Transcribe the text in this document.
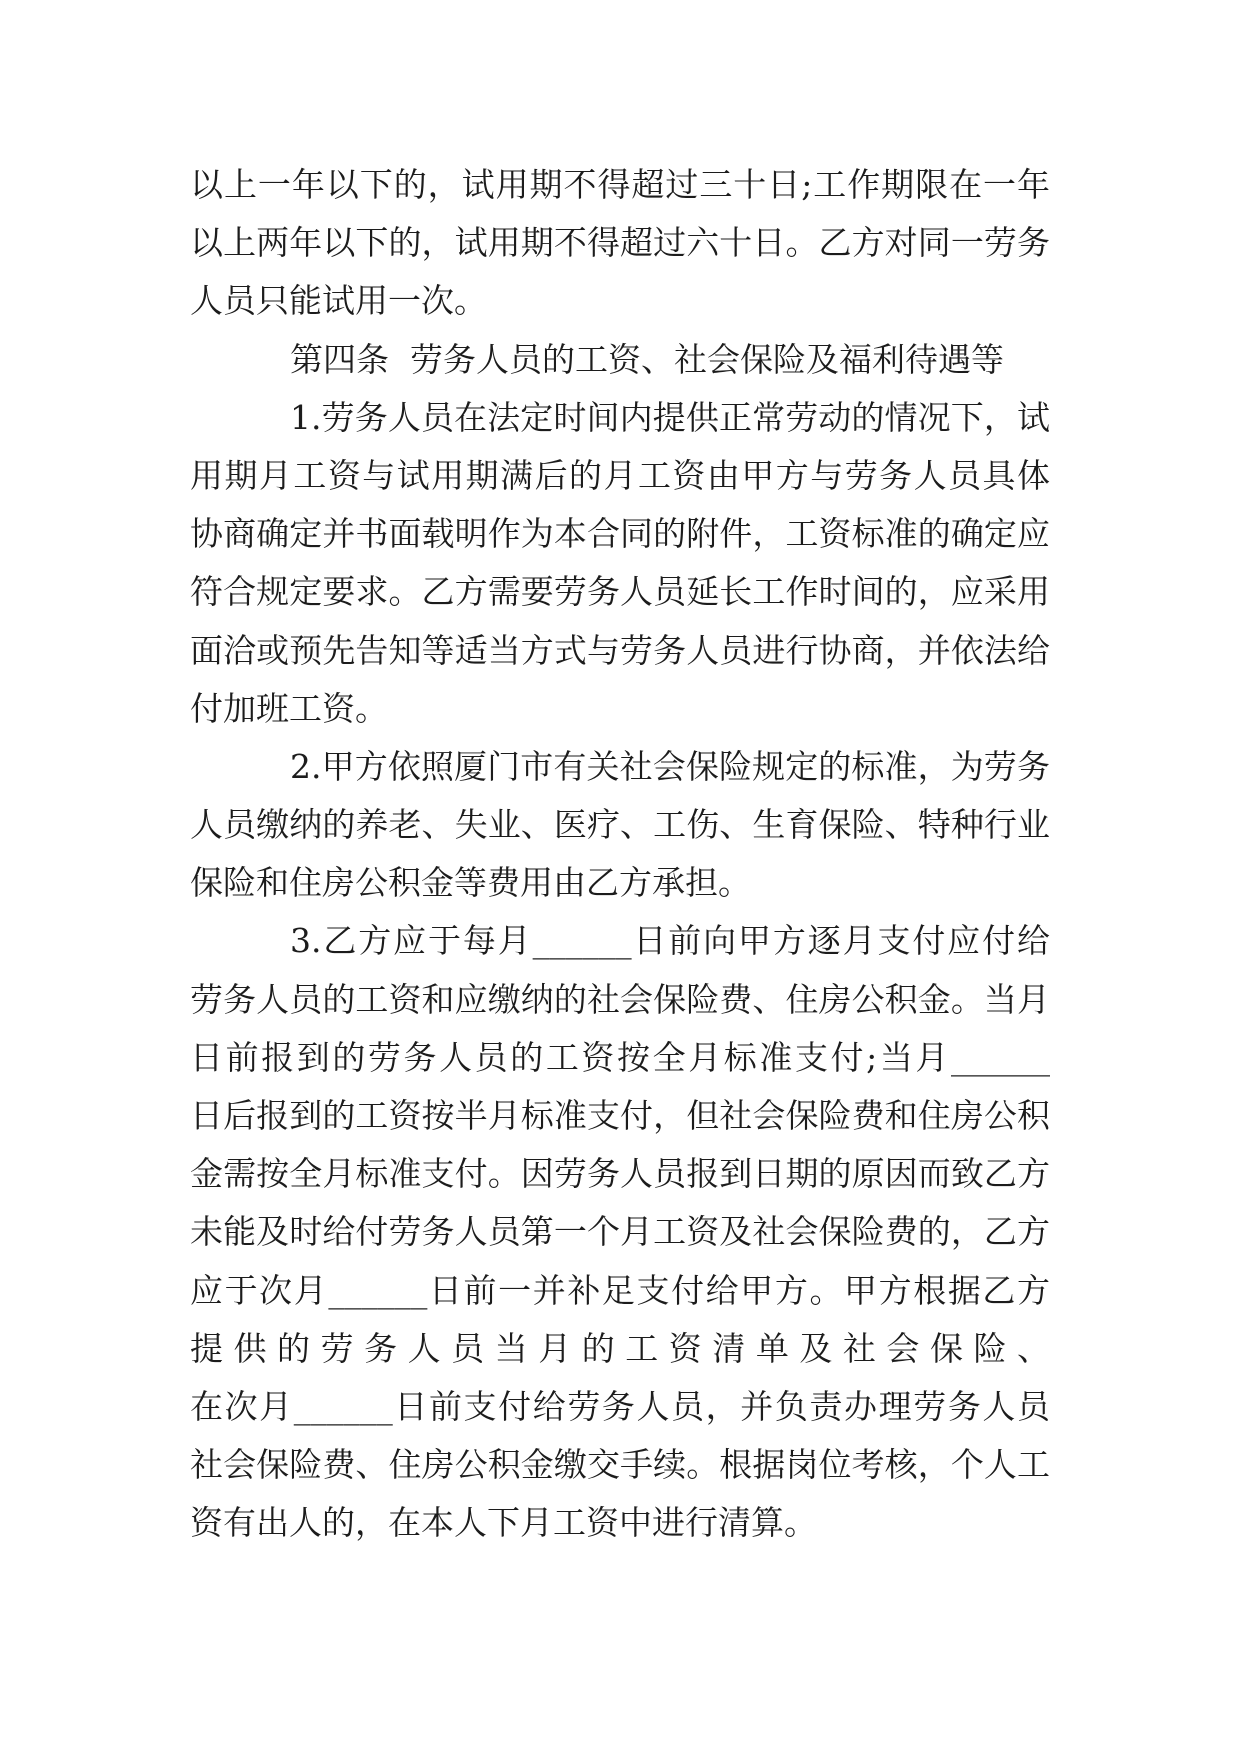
以上一年以下的，试用期不得超过三十日;工作期限在一年
以上两年以下的，试用期不得超过六十日。乙方对同一劳务
人员只能试用一次。
第四条  劳务人员的工资、社会保险及福利待遇等
1.劳务人员在法定时间内提供正常劳动的情况下，试
用期月工资与试用期满后的月工资由甲方与劳务人员具体
协商确定并书面载明作为本合同的附件，工资标准的确定应
符合规定要求。乙方需要劳务人员延长工作时间的，应采用
面洽或预先告知等适当方式与劳务人员进行协商，并依法给
付加班工资。
2.甲方依照厦门市有关社会保险规定的标准，为劳务
人员缴纳的养老、失业、医疗、工伤、生育保险、特种行业
保险和住房公积金等费用由乙方承担。
3.乙方应于每月______日前向甲方逐月支付应付给
劳务人员的工资和应缴纳的社会保险费、住房公积金。当月
日前报到的劳务人员的工资按全月标准支付;当月______
日后报到的工资按半月标准支付，但社会保险费和住房公积
金需按全月标准支付。因劳务人员报到日期的原因而致乙方
未能及时给付劳务人员第一个月工资及社会保险费的，乙方
应于次月______日前一并补足支付给甲方。甲方根据乙方
提供的劳务人员当月的工资清单及社会保险、
在次月______日前支付给劳务人员，并负责办理劳务人员
社会保险费、住房公积金缴交手续。根据岗位考核，个人工
资有出人的，在本人下月工资中进行清算。
